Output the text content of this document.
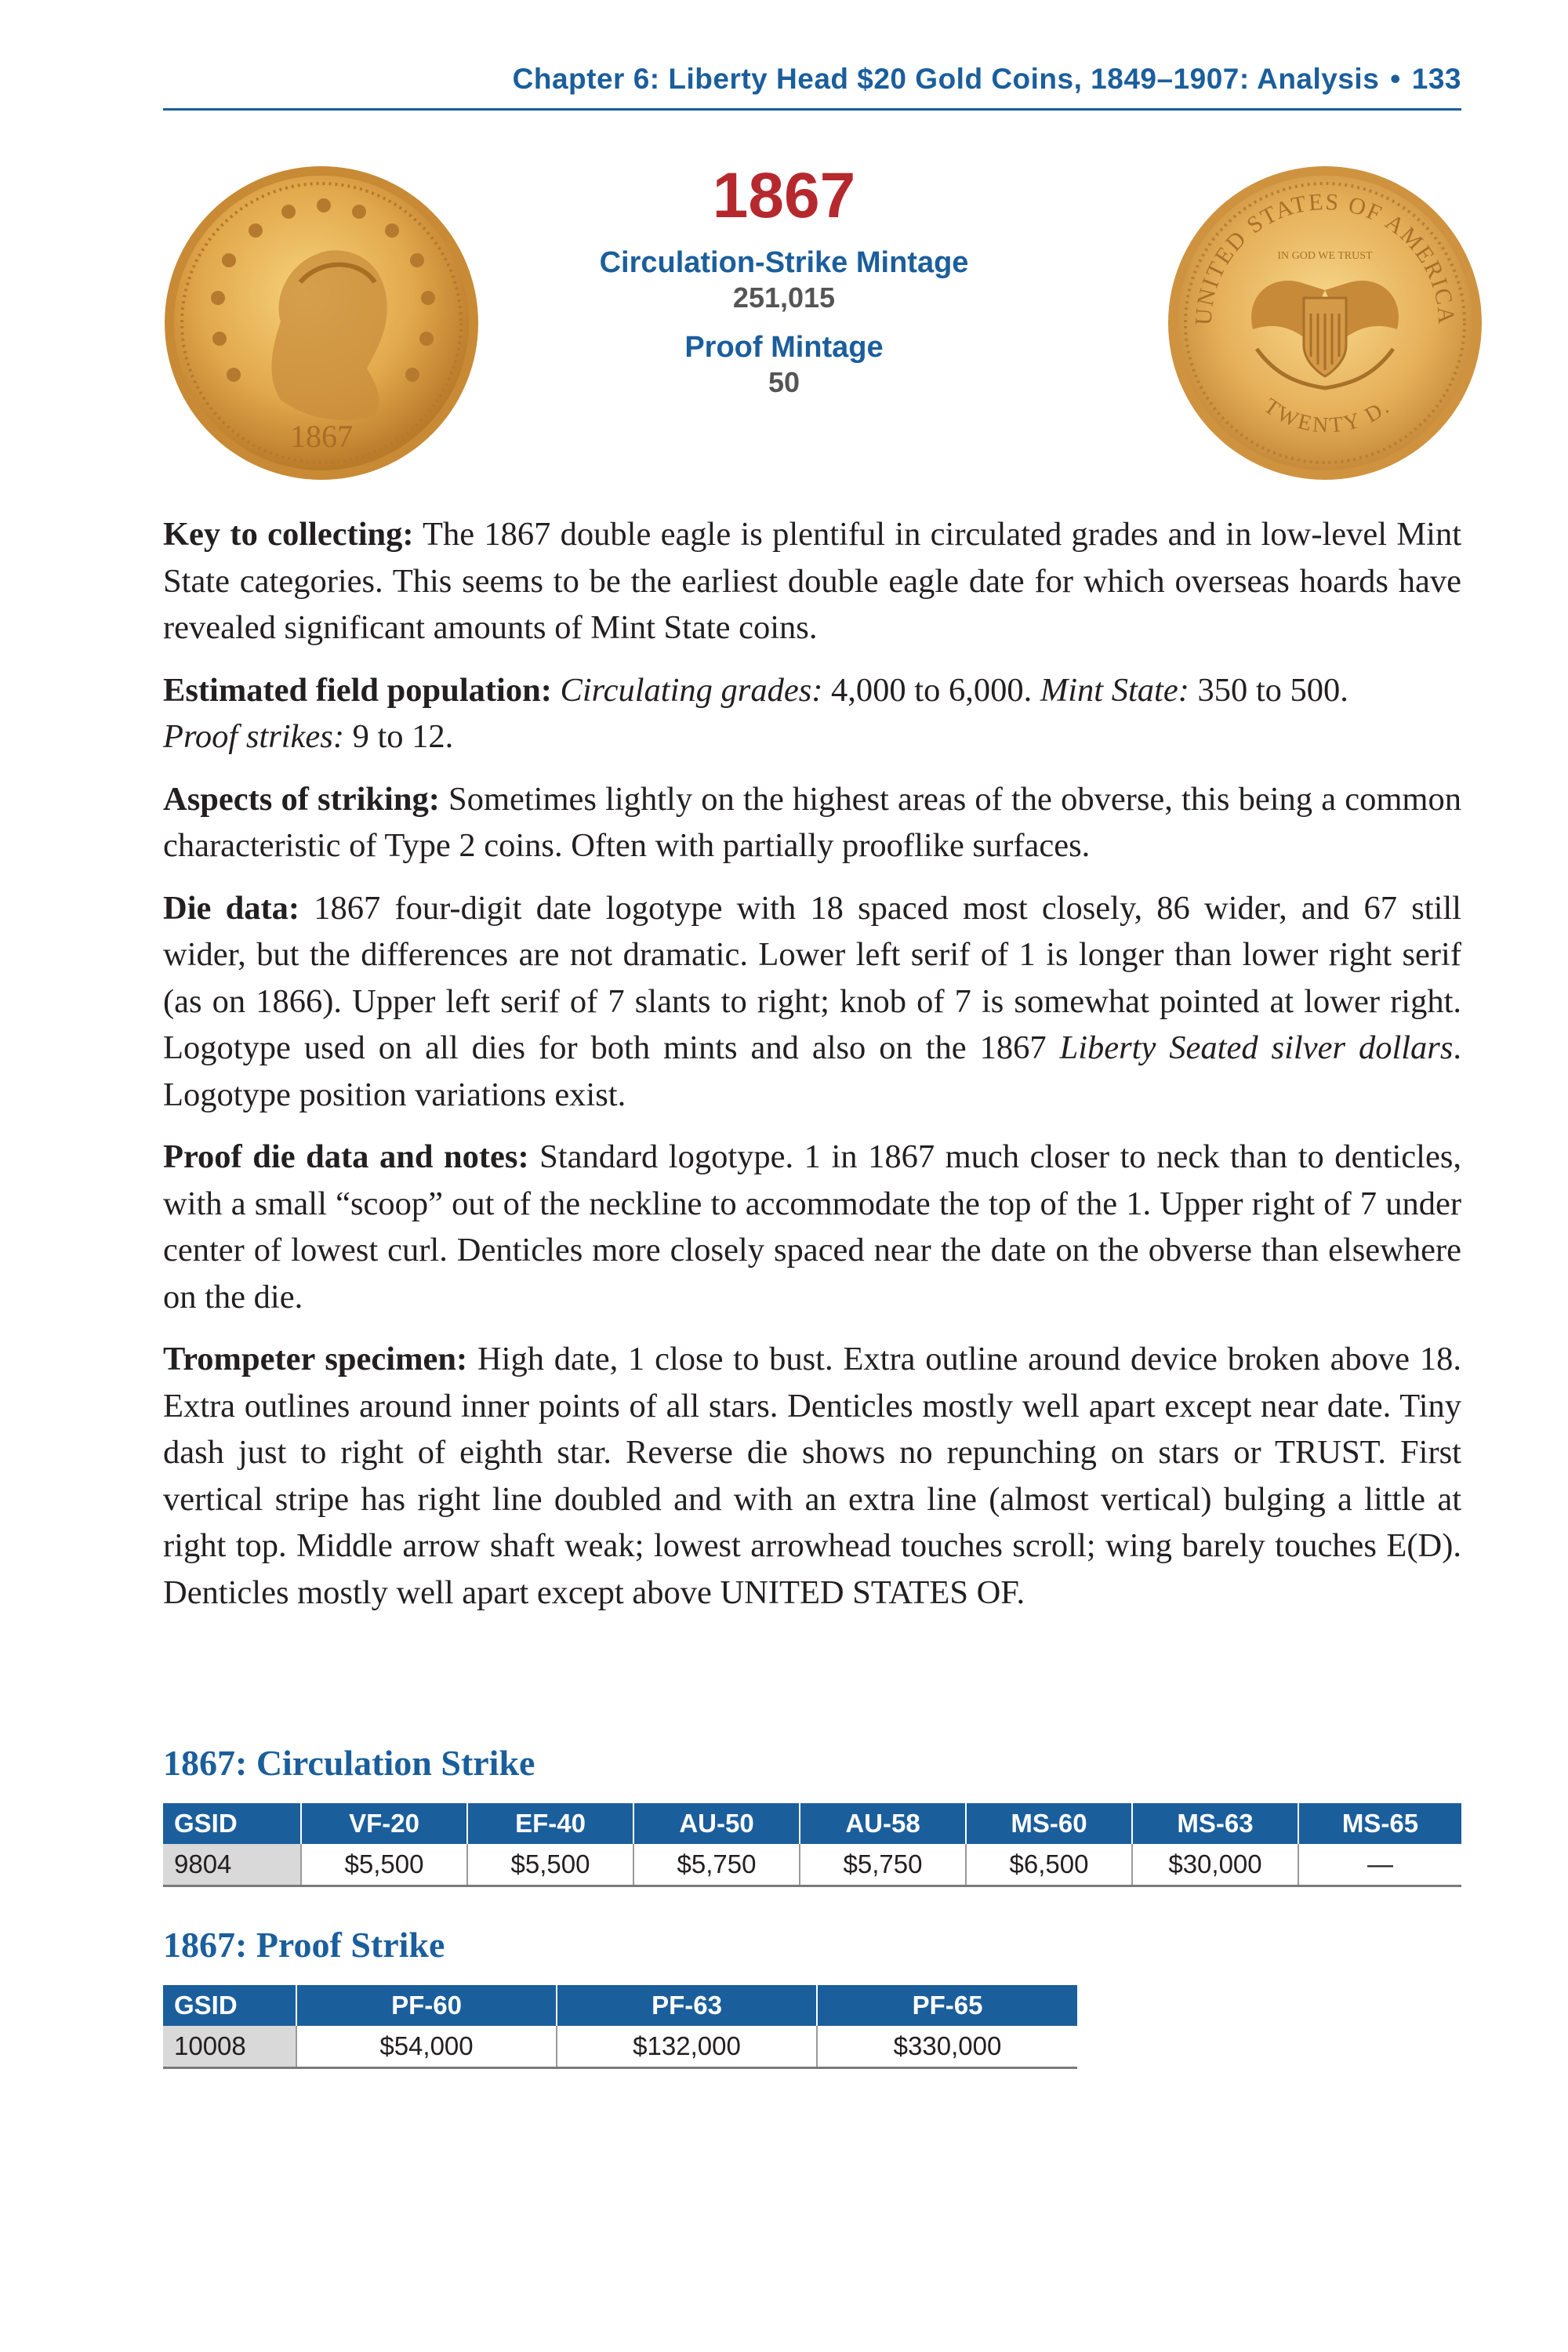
Chapter 6: Liberty Head $20 Gold Coins, 1849–1907: Analysis • 133
1867
1867
Circulation-Strike Mintage
251,015
Proof Mintage
50
UNITED STATES OF AMERICA
TWENTY D.
IN GOD WE TRUST

Key to collecting: The 1867 double eagle is plentiful in circulated grades and in low-level Mint State categories. This seems to be the earliest double eagle date for which overseas hoards have revealed significant amounts of Mint State coins.

Estimated field population: Circulating grades: 4,000 to 6,000. Mint State: 350 to 500.
Proof strikes: 9 to 12.

Aspects of striking: Sometimes lightly on the highest areas of the obverse, this being a common characteristic of Type 2 coins. Often with partially prooflike surfaces.

Die data: 1867 four-digit date logotype with 18 spaced most closely, 86 wider, and 67 still wider, but the differences are not dramatic. Lower left serif of 1 is longer than lower right serif (as on 1866). Upper left serif of 7 slants to right; knob of 7 is somewhat pointed at lower right. Logotype used on all dies for both mints and also on the 1867 Liberty Seated silver dollars. Logotype position variations exist.

Proof die data and notes: Standard logotype. 1 in 1867 much closer to neck than to denticles, with a small “scoop” out of the neckline to accommodate the top of the 1. Upper right of 7 under center of lowest curl. Denticles more closely spaced near the date on the obverse than elsewhere on the die.

Trompeter specimen: High date, 1 close to bust. Extra outline around device broken above 18. Extra outlines around inner points of all stars. Denticles mostly well apart except near date. Tiny dash just to right of eighth star. Reverse die shows no repunching on stars or TRUST. First vertical stripe has right line doubled and with an extra line (almost vertical) bulging a little at right top. Middle arrow shaft weak; lowest arrowhead touches scroll; wing barely touches E(D). Denticles mostly well apart except above UNITED STATES OF.

1867: Circulation Strike
GSID	VF-20	EF-40	AU-50	AU-58	MS-60	MS-63	MS-65
9804	$5,500	$5,500	$5,750	$5,750	$6,500	$30,000	—
1867: Proof Strike
GSID	PF-60	PF-63	PF-65
10008	$54,000	$132,000	$330,000
